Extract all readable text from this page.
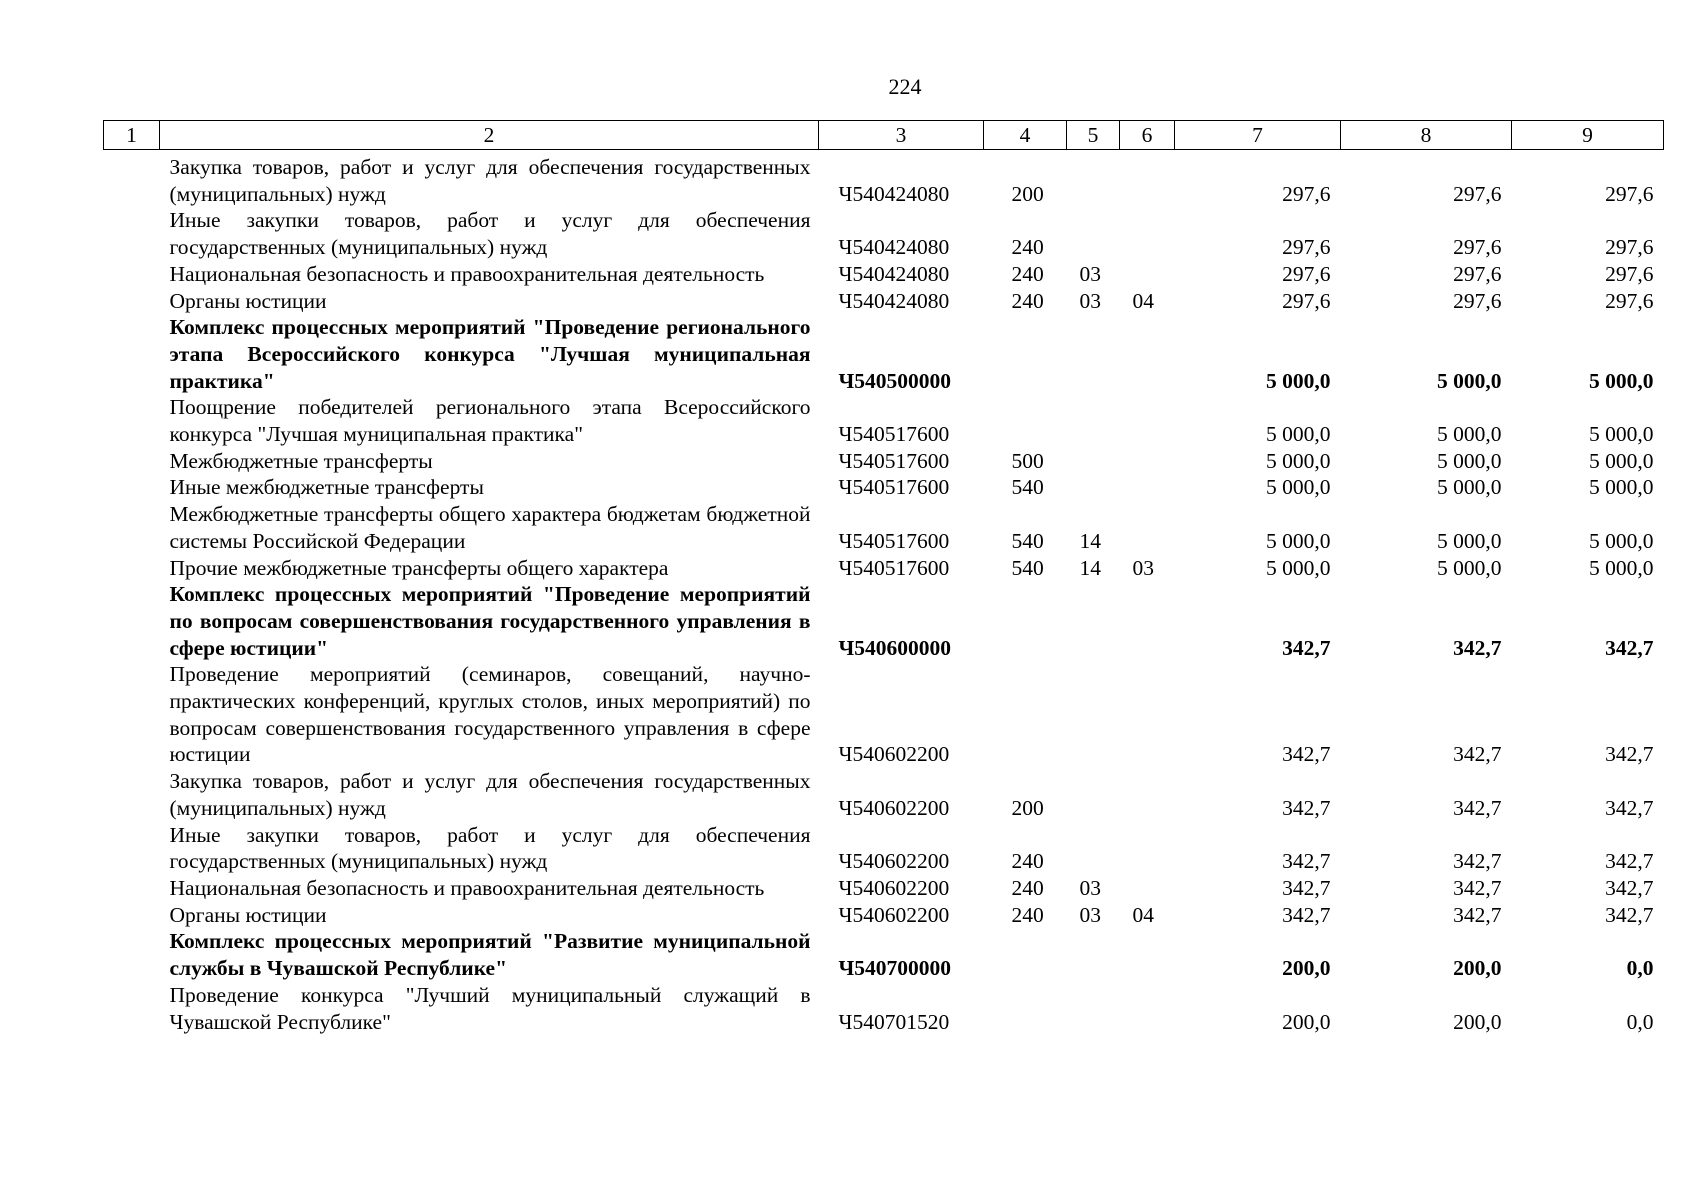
224
1	2	3	4	5	6	7	8	9
	Закупка товаров, работ и услуг для обеспечения государственных (муниципальных) нужд	Ч540424080	200			297,6	297,6	297,6
	Иные закупки товаров, работ и услуг для обеспечения государственных (муниципальных) нужд	Ч540424080	240			297,6	297,6	297,6
	Национальная безопасность и правоохранительная деятельность	Ч540424080	240	03		297,6	297,6	297,6
	Органы юстиции	Ч540424080	240	03	04	297,6	297,6	297,6
	Комплекс процессных мероприятий "Проведение регионального этапа Всероссийского конкурса "Лучшая муниципальная практика"	Ч540500000				5 000,0	5 000,0	5 000,0
	Поощрение победителей регионального этапа Всероссийского конкурса "Лучшая муниципальная практика"	Ч540517600				5 000,0	5 000,0	5 000,0
	Межбюджетные трансферты	Ч540517600	500			5 000,0	5 000,0	5 000,0
	Иные межбюджетные трансферты	Ч540517600	540			5 000,0	5 000,0	5 000,0
	Межбюджетные трансферты общего характера бюджетам бюджетной системы Российской Федерации	Ч540517600	540	14		5 000,0	5 000,0	5 000,0
	Прочие межбюджетные трансферты общего характера	Ч540517600	540	14	03	5 000,0	5 000,0	5 000,0
	Комплекс процессных мероприятий "Проведение мероприятий по вопросам совершенствования государственного управления в сфере юстиции"	Ч540600000				342,7	342,7	342,7
	Проведение мероприятий (семинаров, совещаний, научно-практических конференций, круглых столов, иных мероприятий) по вопросам совершенствования государственного управления в сфере юстиции	Ч540602200				342,7	342,7	342,7
	Закупка товаров, работ и услуг для обеспечения государственных (муниципальных) нужд	Ч540602200	200			342,7	342,7	342,7
	Иные закупки товаров, работ и услуг для обеспечения государственных (муниципальных) нужд	Ч540602200	240			342,7	342,7	342,7
	Национальная безопасность и правоохранительная деятельность	Ч540602200	240	03		342,7	342,7	342,7
	Органы юстиции	Ч540602200	240	03	04	342,7	342,7	342,7
	Комплекс процессных мероприятий "Развитие муниципальной службы в Чувашской Республике"	Ч540700000				200,0	200,0	0,0
	Проведение конкурса "Лучший муниципальный служащий в Чувашской Республике"	Ч540701520				200,0	200,0	0,0
